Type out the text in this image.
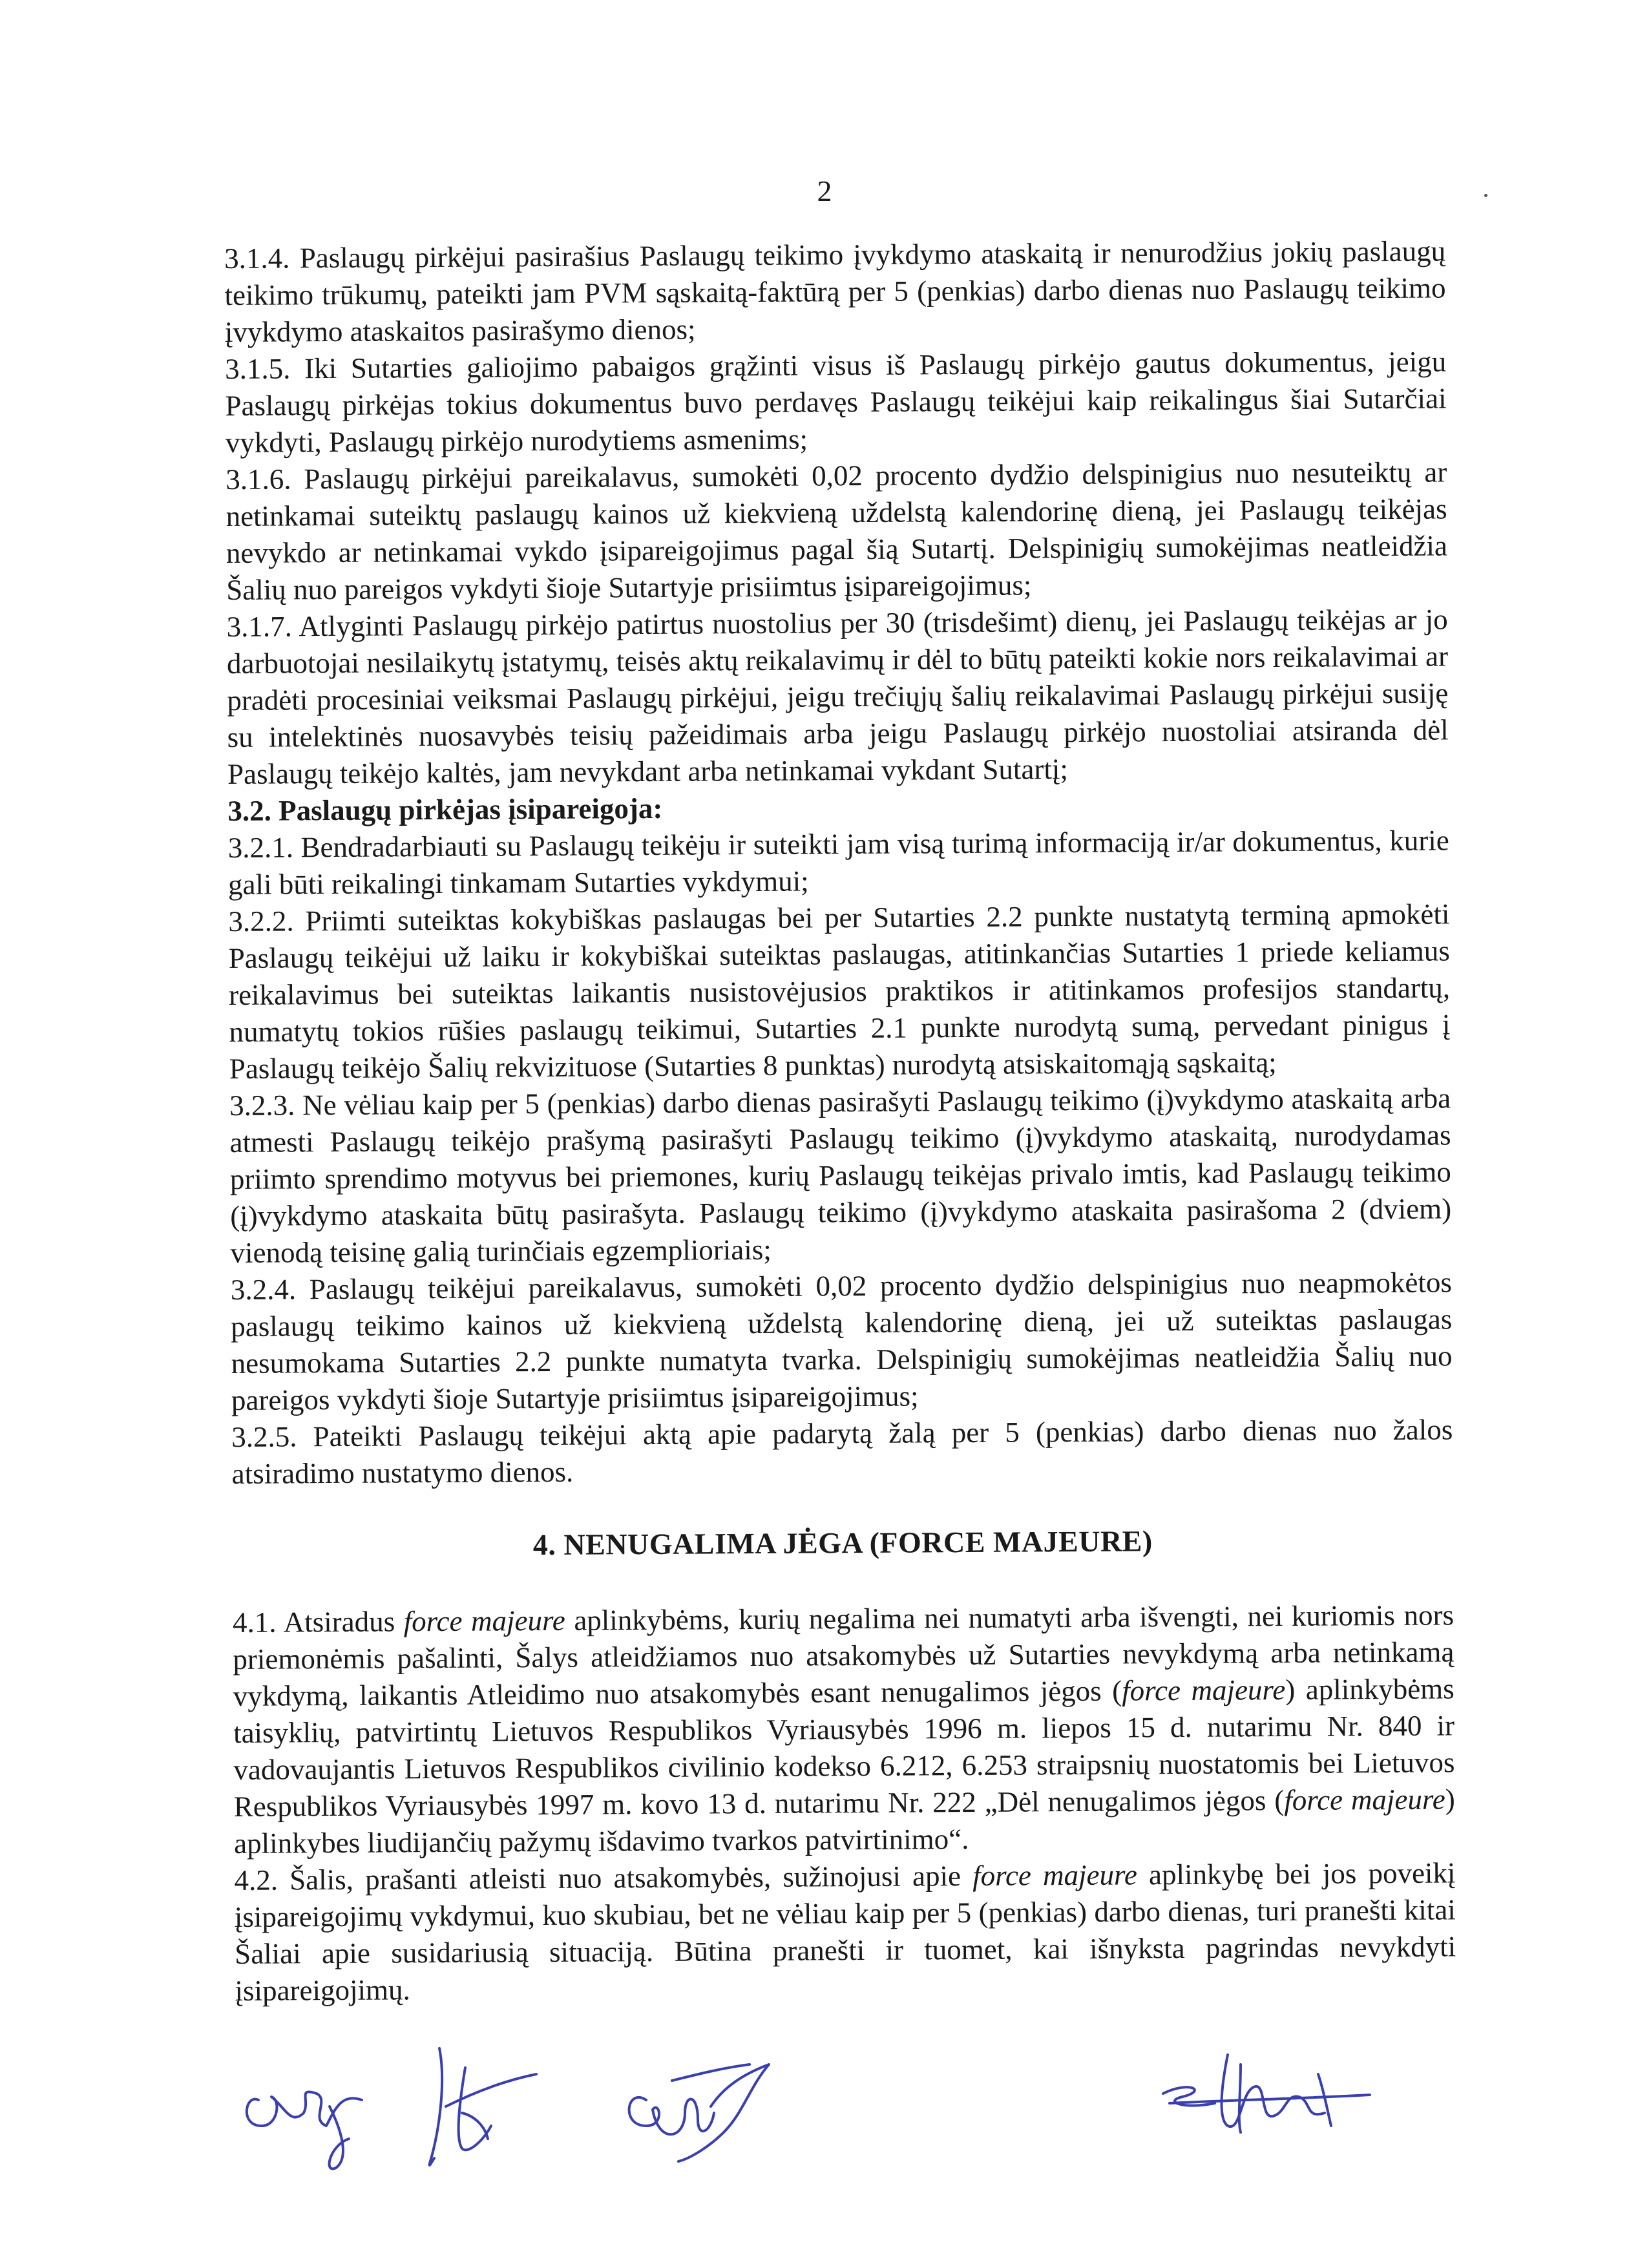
2

3.1.4. Paslaugų pirkėjui pasirašius Paslaugų teikimo įvykdymo ataskaitą ir nenurodžius jokių paslaugų teikimo trūkumų, pateikti jam PVM sąskaitą-faktūrą per 5 (penkias) darbo dienas nuo Paslaugų teikimo įvykdymo ataskaitos pasirašymo dienos;

3.1.5. Iki Sutarties galiojimo pabaigos grąžinti visus iš Paslaugų pirkėjo gautus dokumentus, jeigu Paslaugų pirkėjas tokius dokumentus buvo perdavęs Paslaugų teikėjui kaip reikalingus šiai Sutarčiai vykdyti, Paslaugų pirkėjo nurodytiems asmenims;

3.1.6. Paslaugų pirkėjui pareikalavus, sumokėti 0,02 procento dydžio delspinigius nuo nesuteiktų ar netinkamai suteiktų paslaugų kainos už kiekvieną uždelstą kalendorinę dieną, jei Paslaugų teikėjas nevykdo ar netinkamai vykdo įsipareigojimus pagal šią Sutartį. Delspinigių sumokėjimas neatleidžia Šalių nuo pareigos vykdyti šioje Sutartyje prisiimtus įsipareigojimus;

3.1.7. Atlyginti Paslaugų pirkėjo patirtus nuostolius per 30 (trisdešimt) dienų, jei Paslaugų teikėjas ar jo darbuotojai nesilaikytų įstatymų, teisės aktų reikalavimų ir dėl to būtų pateikti kokie nors reikalavimai ar pradėti procesiniai veiksmai Paslaugų pirkėjui, jeigu trečiųjų šalių reikalavimai Paslaugų pirkėjui susiję su intelektinės nuosavybės teisių pažeidimais arba jeigu Paslaugų pirkėjo nuostoliai atsiranda dėl Paslaugų teikėjo kaltės, jam nevykdant arba netinkamai vykdant Sutartį;

3.2. Paslaugų pirkėjas įsipareigoja:

3.2.1. Bendradarbiauti su Paslaugų teikėju ir suteikti jam visą turimą informaciją ir/ar dokumentus, kurie gali būti reikalingi tinkamam Sutarties vykdymui;

3.2.2. Priimti suteiktas kokybiškas paslaugas bei per Sutarties 2.2 punkte nustatytą terminą apmokėti Paslaugų teikėjui už laiku ir kokybiškai suteiktas paslaugas, atitinkančias Sutarties 1 priede keliamus reikalavimus bei suteiktas laikantis nusistovėjusios praktikos ir atitinkamos profesijos standartų, numatytų tokios rūšies paslaugų teikimui, Sutarties 2.1 punkte nurodytą sumą, pervedant pinigus į Paslaugų teikėjo Šalių rekvizituose (Sutarties 8 punktas) nurodytą atsiskaitomąją sąskaitą;

3.2.3. Ne vėliau kaip per 5 (penkias) darbo dienas pasirašyti Paslaugų teikimo (į)vykdymo ataskaitą arba atmesti Paslaugų teikėjo prašymą pasirašyti Paslaugų teikimo (į)vykdymo ataskaitą, nurodydamas priimto sprendimo motyvus bei priemones, kurių Paslaugų teikėjas privalo imtis, kad Paslaugų teikimo (į)vykdymo ataskaita būtų pasirašyta. Paslaugų teikimo (į)vykdymo ataskaita pasirašoma 2 (dviem) vienodą teisinę galią turinčiais egzemplioriais;

3.2.4. Paslaugų teikėjui pareikalavus, sumokėti 0,02 procento dydžio delspinigius nuo neapmokėtos paslaugų teikimo kainos už kiekvieną uždelstą kalendorinę dieną, jei už suteiktas paslaugas nesumokama Sutarties 2.2 punkte numatyta tvarka. Delspinigių sumokėjimas neatleidžia Šalių nuo pareigos vykdyti šioje Sutartyje prisiimtus įsipareigojimus;

3.2.5. Pateikti Paslaugų teikėjui aktą apie padarytą žalą per 5 (penkias) darbo dienas nuo žalos atsiradimo nustatymo dienos.

4. NENUGALIMA JĖGA (FORCE MAJEURE)

4.1. Atsiradus force majeure aplinkybėms, kurių negalima nei numatyti arba išvengti, nei kuriomis nors priemonėmis pašalinti, Šalys atleidžiamos nuo atsakomybės už Sutarties nevykdymą arba netinkamą vykdymą, laikantis Atleidimo nuo atsakomybės esant nenugalimos jėgos (force majeure) aplinkybėms taisyklių, patvirtintų Lietuvos Respublikos Vyriausybės 1996 m. liepos 15 d. nutarimu Nr. 840 ir vadovaujantis Lietuvos Respublikos civilinio kodekso 6.212, 6.253 straipsnių nuostatomis bei Lietuvos Respublikos Vyriausybės 1997 m. kovo 13 d. nutarimu Nr. 222 „Dėl nenugalimos jėgos (force majeure) aplinkybes liudijančių pažymų išdavimo tvarkos patvirtinimo“.

4.2. Šalis, prašanti atleisti nuo atsakomybės, sužinojusi apie force majeure aplinkybę bei jos poveikį įsipareigojimų vykdymui, kuo skubiau, bet ne vėliau kaip per 5 (penkias) darbo dienas, turi pranešti kitai Šaliai apie susidariusią situaciją. Būtina pranešti ir tuomet, kai išnyksta pagrindas nevykdyti įsipareigojimų.
